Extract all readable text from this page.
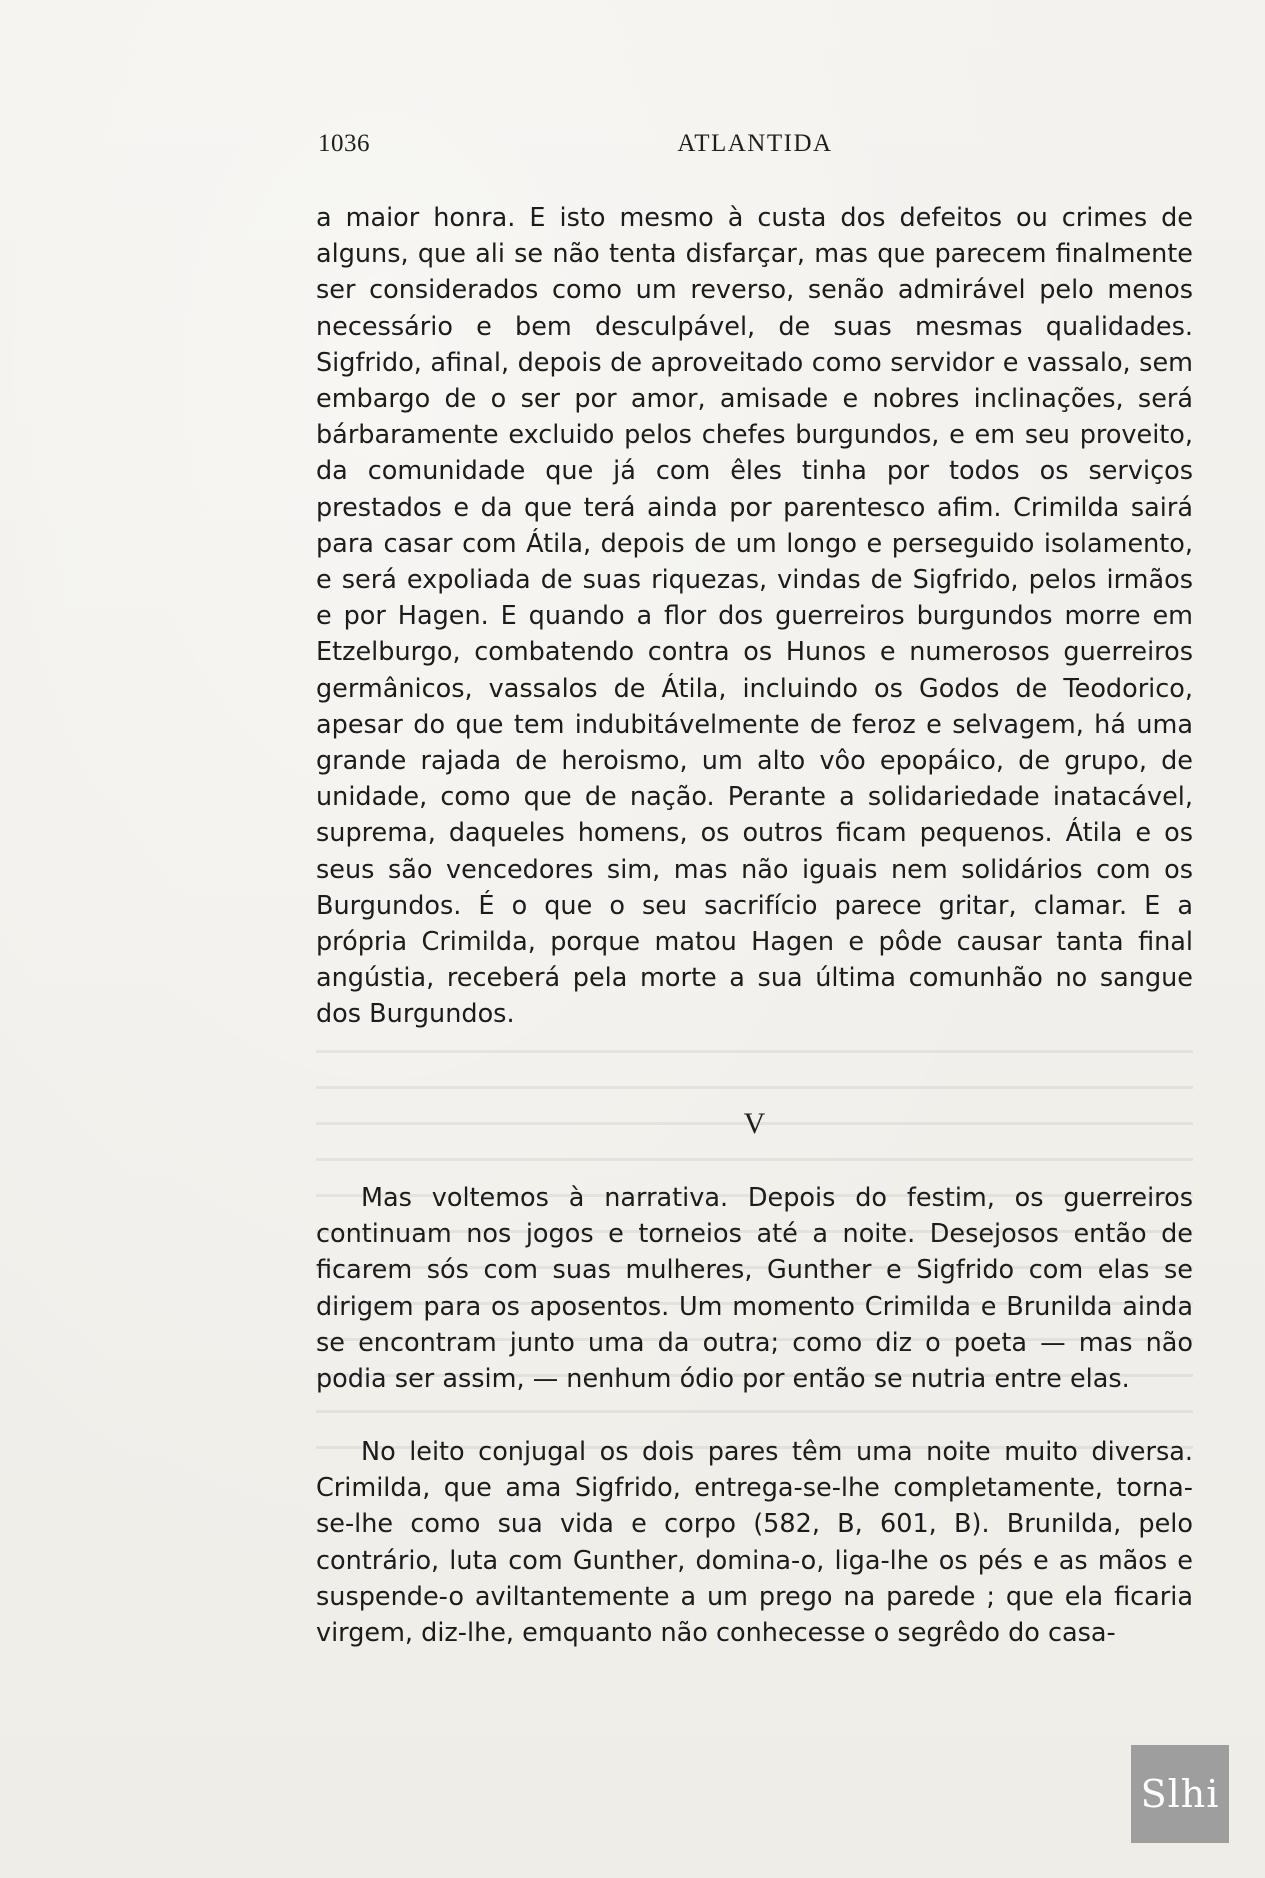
1036	ATLANTIDA
a maior honra. E isto mesmo à custa dos defeitos ou crimes de alguns, que ali se não tenta disfarçar, mas que parecem finalmente ser considerados como um reverso, senão admirável pelo menos necessário e bem desculpável, de suas mesmas qualidades. Sigfrido, afinal, depois de aproveitado como servidor e vassalo, sem embargo de o ser por amor, amisade e nobres inclinações, será bárbaramente excluido pelos chefes burgundos, e em seu proveito, da comunidade que já com êles tinha por todos os serviços prestados e da que terá ainda por parentesco afim. Crimilda sairá para casar com Átila, depois de um longo e perseguido isolamento, e será expoliada de suas riquezas, vindas de Sigfrido, pelos irmãos e por Hagen. E quando a flor dos guerreiros burgundos morre em Etzelburgo, combatendo contra os Hunos e numerosos guerreiros germânicos, vassalos de Átila, incluindo os Godos de Teodorico, apesar do que tem indubitávelmente de feroz e selvagem, há uma grande rajada de heroismo, um alto vôo epopáico, de grupo, de unidade, como que de nação. Perante a solidariedade inatacável, suprema, daqueles homens, os outros ficam pequenos. Átila e os seus são vencedores sim, mas não iguais nem solidários com os Burgundos. É o que o seu sacrifício parece gritar, clamar. E a própria Crimilda, porque matou Hagen e pôde causar tanta final angústia, receberá pela morte a sua última comunhão no sangue dos Burgundos.
V
Mas voltemos à narrativa. Depois do festim, os guerreiros continuam nos jogos e torneios até a noite. Desejosos então de ficarem sós com suas mulheres, Gunther e Sigfrido com elas se dirigem para os aposentos. Um momento Crimilda e Brunilda ainda se encontram junto uma da outra; como diz o poeta — mas não podia ser assim, — nenhum ódio por então se nutria entre elas.
No leito conjugal os dois pares têm uma noite muito diversa. Crimilda, que ama Sigfrido, entrega-se-lhe completamente, torna-se-lhe como sua vida e corpo (582, B, 601, B). Brunilda, pelo contrário, luta com Gunther, domina-o, liga-lhe os pés e as mãos e suspende-o aviltantemente a um prego na parede ; que ela ficaria virgem, diz-lhe, emquanto não conhecesse o segrêdo do casa-
Slhi
